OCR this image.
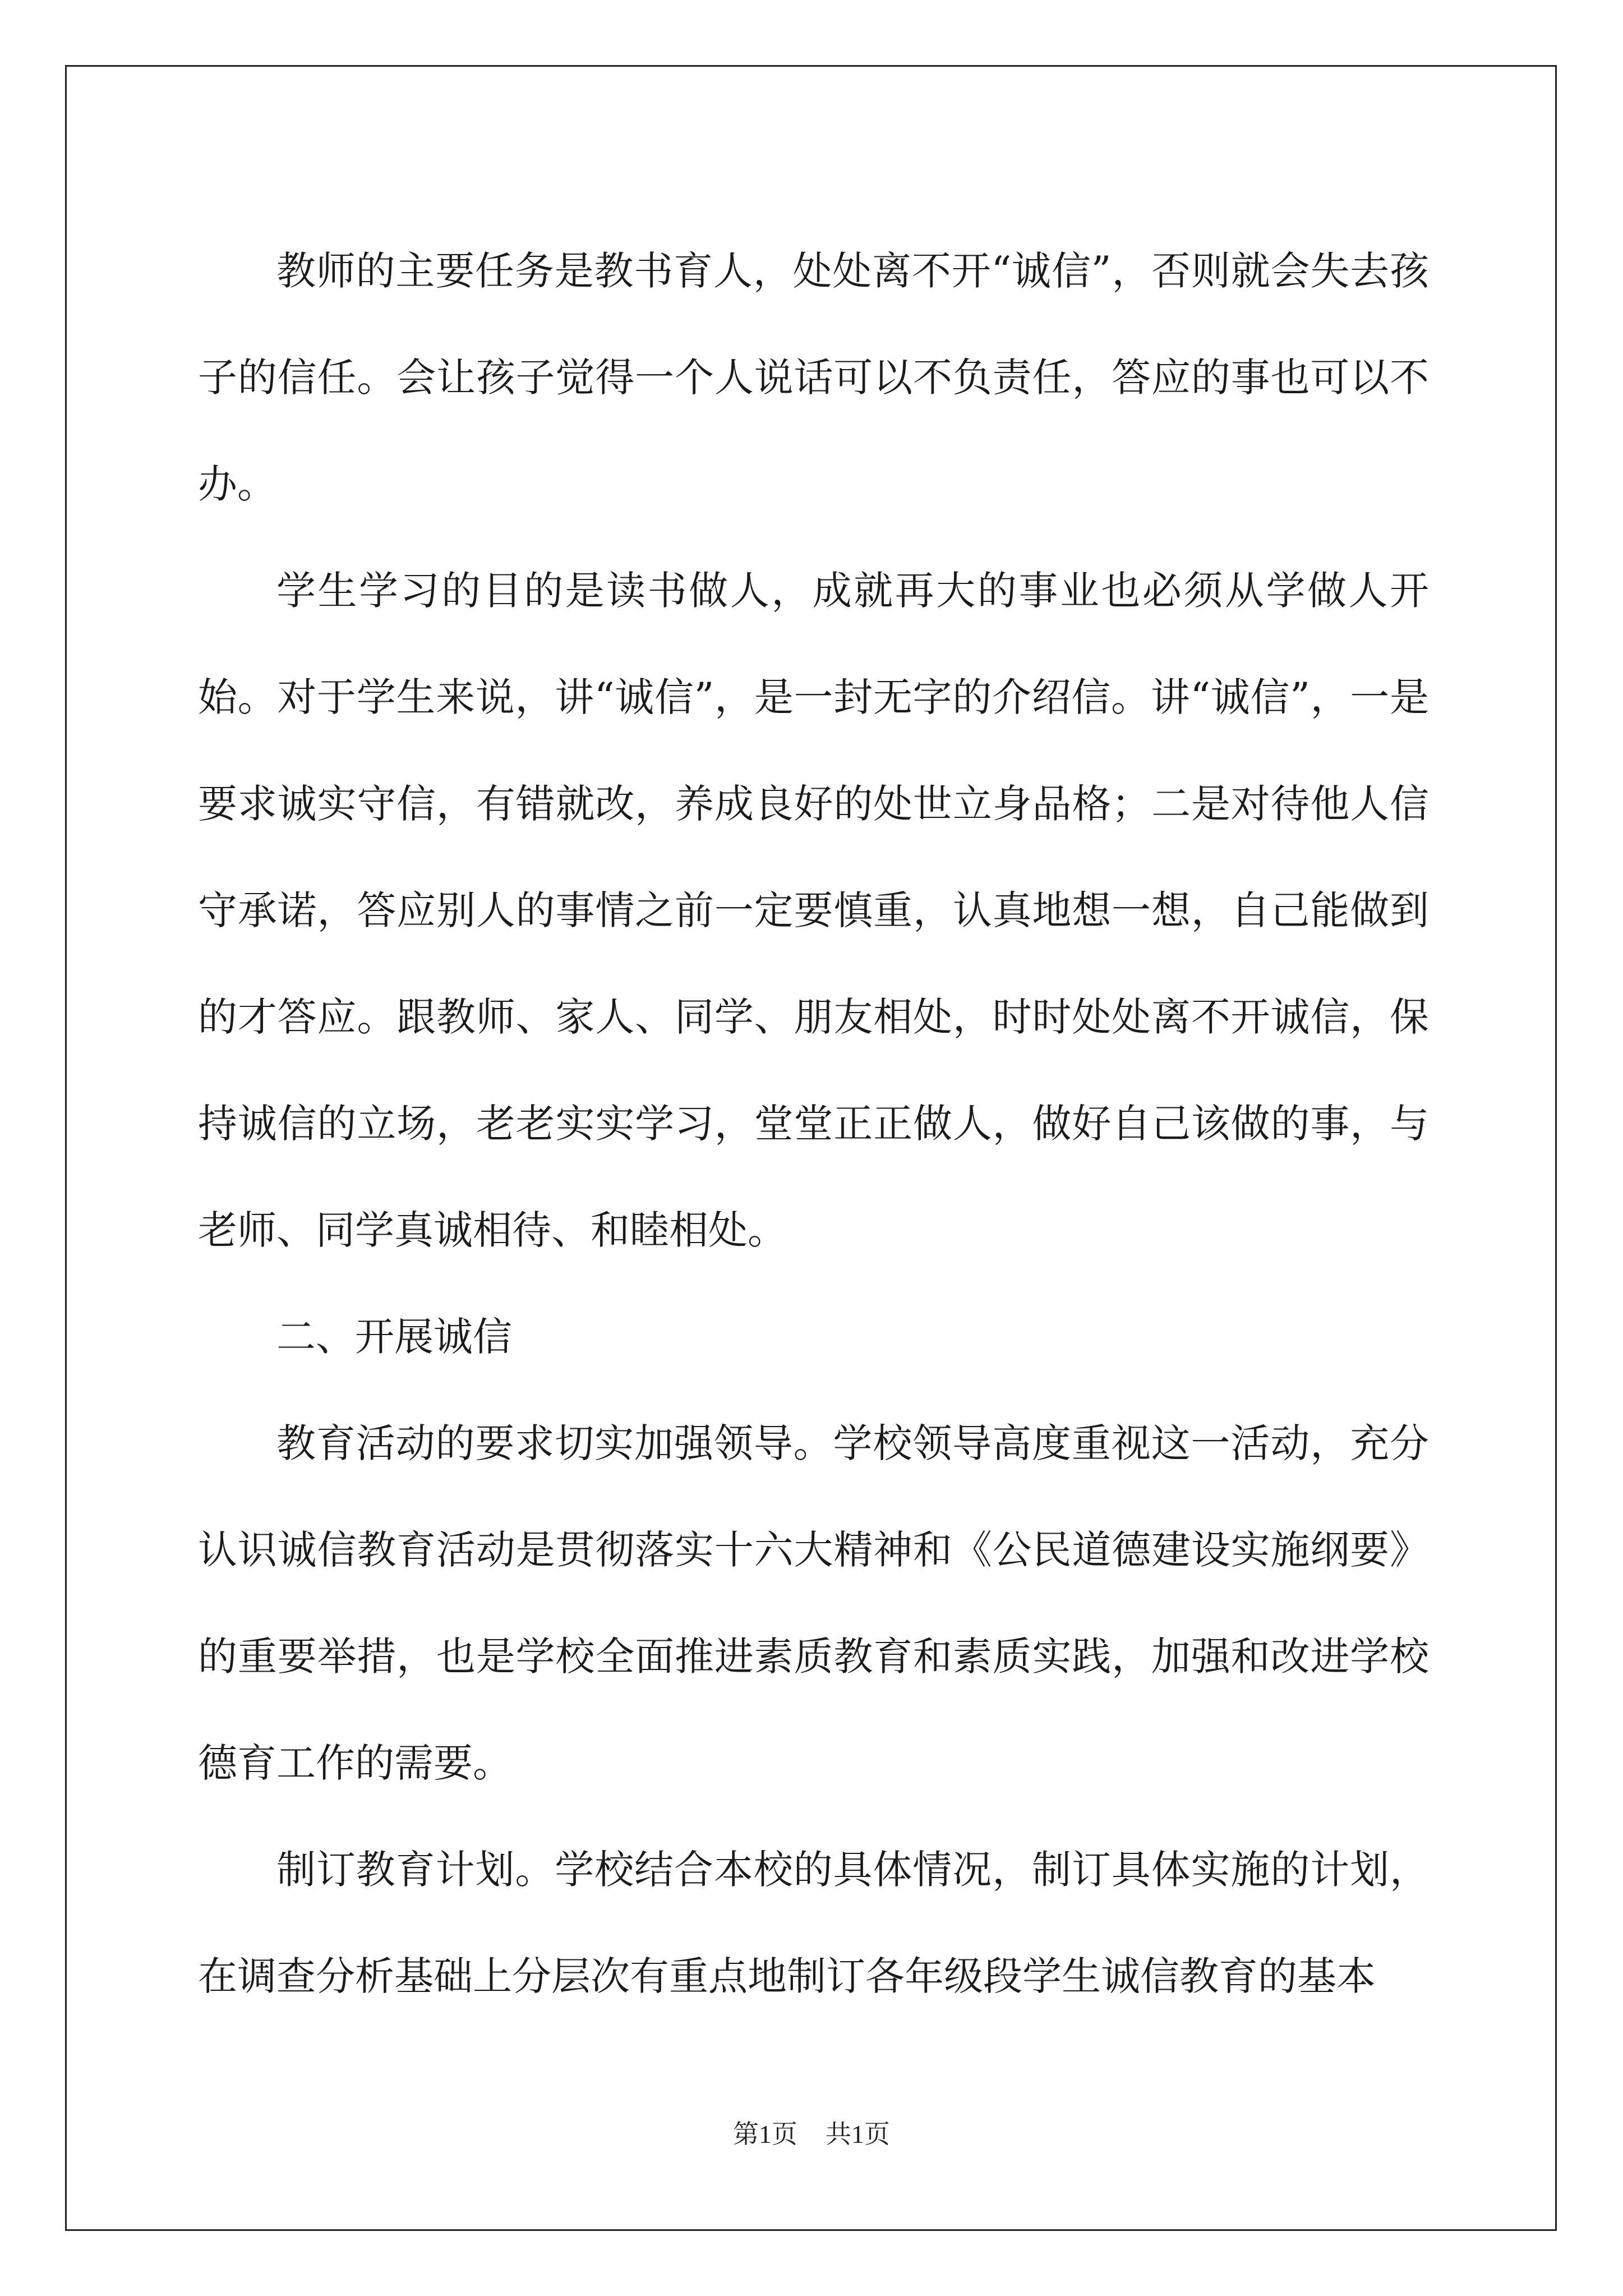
教师的主要任务是教书育人，处处离不开“诚信”，否则就会失去孩子的信任。会让孩子觉得一个人说话可以不负责任，答应的事也可以不办。

学生学习的目的是读书做人，成就再大的事业也必须从学做人开始。对于学生来说，讲“诚信”，是一封无字的介绍信。讲“诚信”，一是要求诚实守信，有错就改，养成良好的处世立身品格；二是对待他人信守承诺，答应别人的事情之前一定要慎重，认真地想一想，自己能做到的才答应。跟教师、家人、同学、朋友相处，时时处处离不开诚信，保持诚信的立场，老老实实学习，堂堂正正做人，做好自己该做的事，与老师、同学真诚相待、和睦相处。

二、开展诚信

教育活动的要求切实加强领导。学校领导高度重视这一活动，充分认识诚信教育活动是贯彻落实十六大精神和《公民道德建设实施纲要》的重要举措，也是学校全面推进素质教育和素质实践，加强和改进学校德育工作的需要。

制订教育计划。学校结合本校的具体情况，制订具体实施的计划，在调查分析基础上分层次有重点地制订各年级段学生诚信教育的基本

第1页 共1页
